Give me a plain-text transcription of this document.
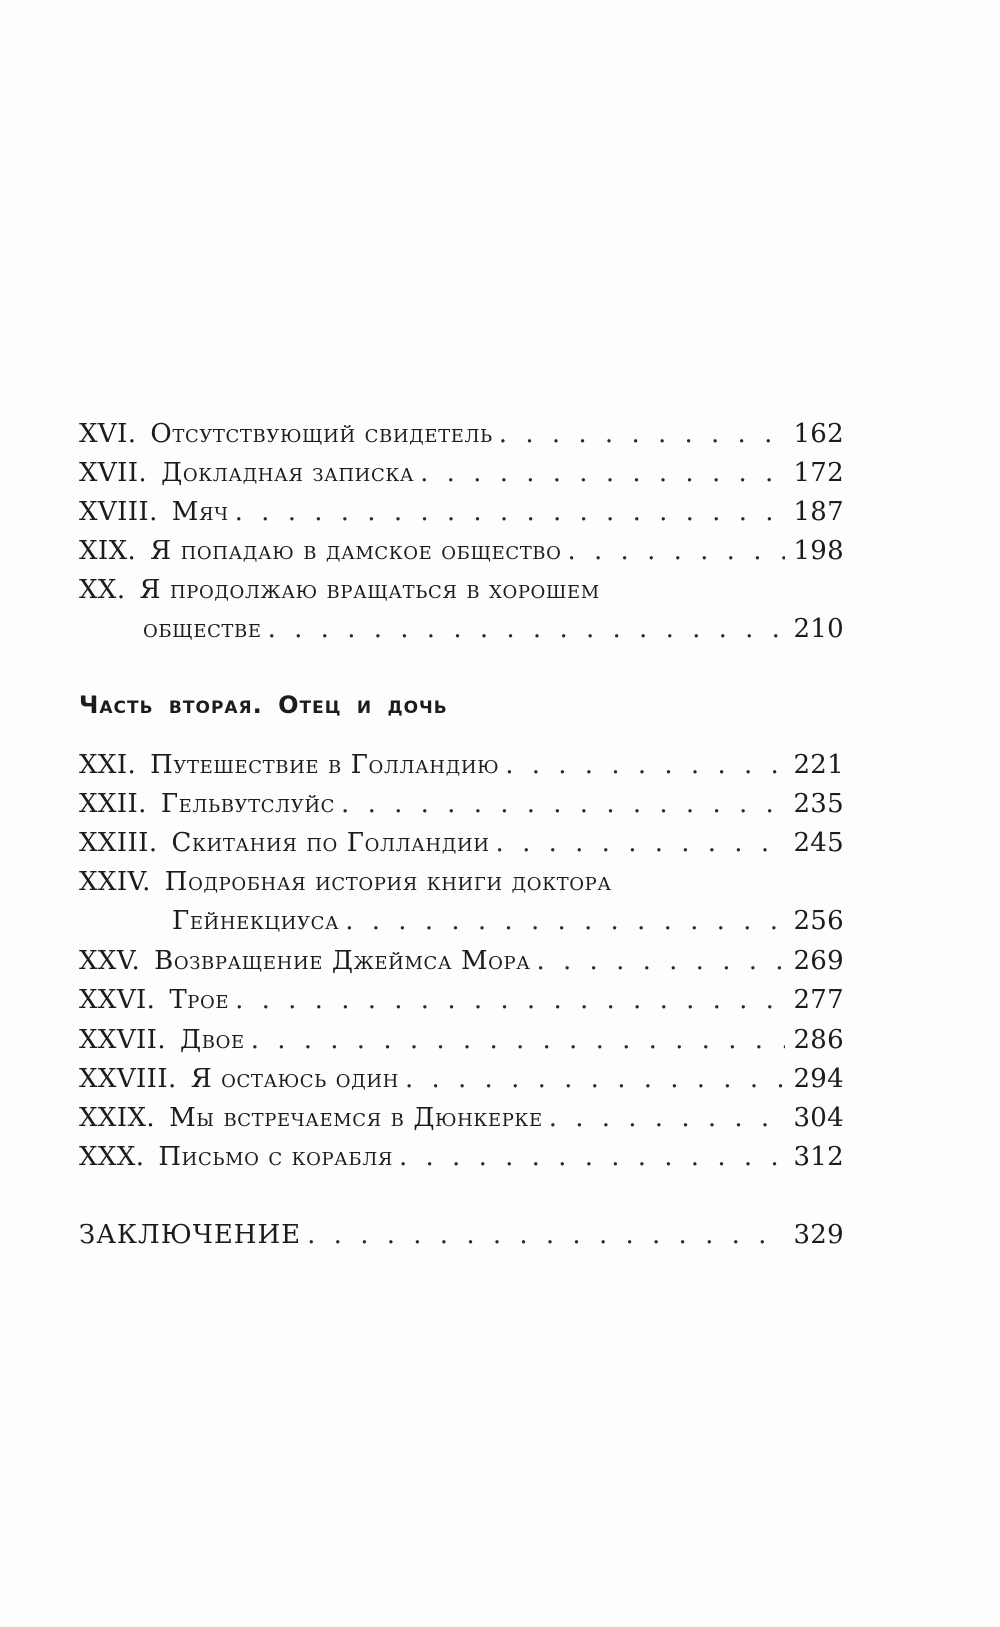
XVI. Отсутствующий свидетель . . .	162
XVII. Докладная записка . . .	172
XVIII. Мяч . . .	187
XIX. Я попадаю в дамское общество . . .	198
XX. Я продолжаю вращаться в хорошем
обществе . . .	210
Часть вторая. Отец и дочь
XXI. Путешествие в Голландию . . .	221
XXII. Гельвутслуйс . . .	235
XXIII. Скитания по Голландии . . .	245
XXIV. Подробная история книги доктора
Гейнекциуса . . .	256
XXV. Возвращение Джеймса Мора . . .	269
XXVI. Трое . . .	277
XXVII. Двое . . .	286
XXVIII. Я остаюсь один . . .	294
XXIX. Мы встречаемся в Дюнкерке . . .	304
XXX. Письмо с корабля . . .	312
ЗАКЛЮЧЕНИЕ . . .	329
